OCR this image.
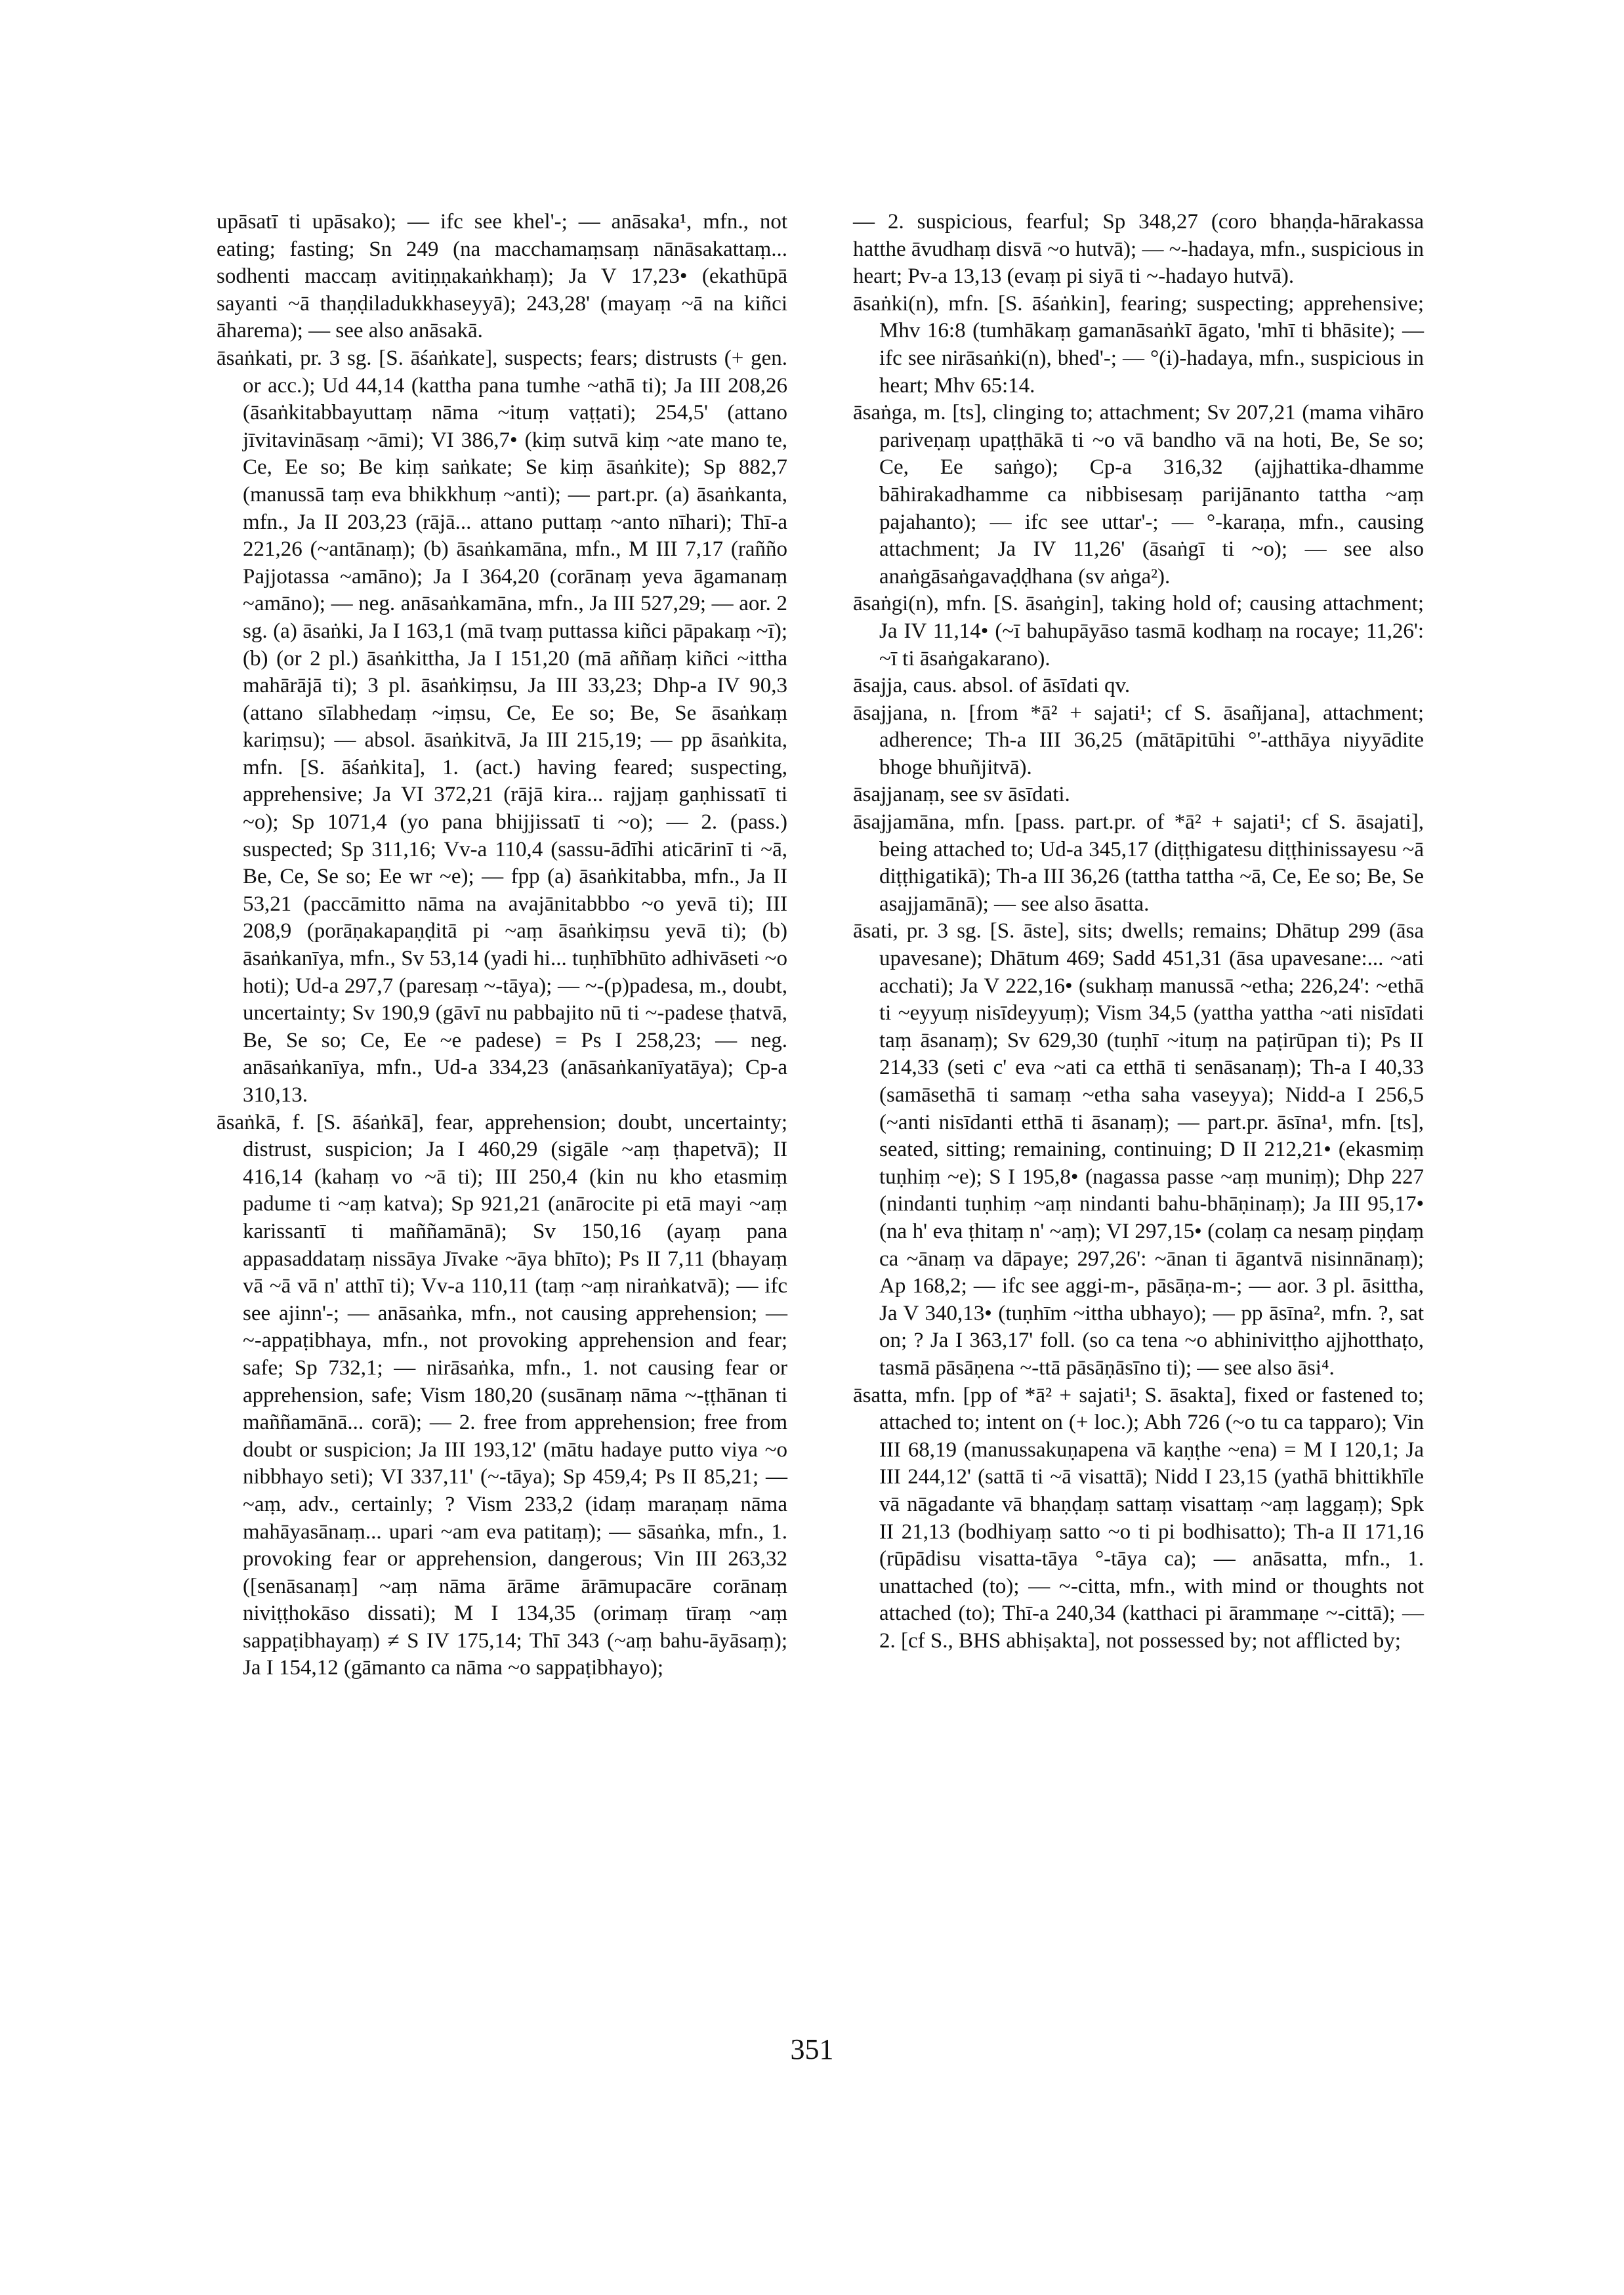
upāsatī ti upāsako); — ifc see khel'-; — anāsaka¹, mfn., not eating; fasting; Sn 249 (na macchamaṃsaṃ nānāsakattaṃ... sodhenti maccaṃ avitiṇṇakaṅkhaṃ); Ja V 17,23• (ekathūpā sayanti ~ā thaṇḍiladukkhaseyyā); 243,28' (mayaṃ ~ā na kiñci āharema); — see also anāsakā.

āsaṅkati, pr. 3 sg. [S. āśaṅkate], suspects; fears; distrusts (+ gen. or acc.); Ud 44,14 (kattha pana tumhe ~athā ti); Ja III 208,26 (āsaṅkitabbayuttaṃ nāma ~ituṃ vaṭṭati); 254,5' (attano jīvitavināsaṃ ~āmi); VI 386,7• (kiṃ sutvā kiṃ ~ate mano te, Ce, Ee so; Be kiṃ saṅkate; Se kiṃ āsaṅkite); Sp 882,7 (manussā taṃ eva bhikkhuṃ ~anti); — part.pr. (a) āsaṅkanta, mfn., Ja II 203,23 (rājā... attano puttaṃ ~anto nīhari); Thī-a 221,26 (~antānaṃ); (b) āsaṅkamāna, mfn., M III 7,17 (rañño Pajjotassa ~amāno); Ja I 364,20 (corānaṃ yeva āgamanaṃ ~amāno); — neg. anāsaṅkamāna, mfn., Ja III 527,29; — aor. 2 sg. (a) āsaṅki, Ja I 163,1 (mā tvaṃ puttassa kiñci pāpakaṃ ~ī); (b) (or 2 pl.) āsaṅkittha, Ja I 151,20 (mā aññaṃ kiñci ~ittha mahārājā ti); 3 pl. āsaṅkiṃsu, Ja III 33,23; Dhp-a IV 90,3 (attano sīlabhedaṃ ~iṃsu, Ce, Ee so; Be, Se āsaṅkaṃ kariṃsu); — absol. āsaṅkitvā, Ja III 215,19; — pp āsaṅkita, mfn. [S. āśaṅkita], 1. (act.) having feared; suspecting, apprehensive; Ja VI 372,21 (rājā kira... rajjaṃ gaṇhissatī ti ~o); Sp 1071,4 (yo pana bhijjissatī ti ~o); — 2. (pass.) suspected; Sp 311,16; Vv-a 110,4 (sassu-ādīhi aticārinī ti ~ā, Be, Ce, Se so; Ee wr ~e); — fpp (a) āsaṅkitabba, mfn., Ja II 53,21 (paccāmitto nāma na avajānitabbbo ~o yevā ti); III 208,9 (porāṇakapaṇḍitā pi ~aṃ āsaṅkiṃsu yevā ti); (b) āsaṅkanīya, mfn., Sv 53,14 (yadi hi... tuṇhībhūto adhivāseti ~o hoti); Ud-a 297,7 (paresaṃ ~-tāya); — ~-(p)padesa, m., doubt, uncertainty; Sv 190,9 (gāvī nu pabbajito nū ti ~-padese ṭhatvā, Be, Se so; Ce, Ee ~e padese) = Ps I 258,23; — neg. anāsaṅkanīya, mfn., Ud-a 334,23 (anāsaṅkanīyatāya); Cp-a 310,13.

āsaṅkā, f. [S. āśaṅkā], fear, apprehension; doubt, uncertainty; distrust, suspicion; Ja I 460,29 (sigāle ~aṃ ṭhapetvā); II 416,14 (kahaṃ vo ~ā ti); III 250,4 (kin nu kho etasmiṃ padume ti ~aṃ katva); Sp 921,21 (anārocite pi etā mayi ~aṃ karissantī ti maññamānā); Sv 150,16 (ayaṃ pana appasaddataṃ nissāya Jīvake ~āya bhīto); Ps II 7,11 (bhayaṃ vā ~ā vā n' atthī ti); Vv-a 110,11 (taṃ ~aṃ niraṅkatvā); — ifc see ajinn'-; — anāsaṅka, mfn., not causing apprehension; — ~-appaṭibhaya, mfn., not provoking apprehension and fear; safe; Sp 732,1; — nirāsaṅka, mfn., 1. not causing fear or apprehension, safe; Vism 180,20 (susānaṃ nāma ~-ṭṭhānan ti maññamānā... corā); — 2. free from apprehension; free from doubt or suspicion; Ja III 193,12' (mātu hadaye putto viya ~o nibbhayo seti); VI 337,11' (~-tāya); Sp 459,4; Ps II 85,21; — ~aṃ, adv., certainly; ? Vism 233,2 (idaṃ maraṇaṃ nāma mahāyasānaṃ... upari ~am eva patitaṃ); — sāsaṅka, mfn., 1. provoking fear or apprehension, dangerous; Vin III 263,32 ([senāsanaṃ] ~aṃ nāma ārāme ārāmupacāre corānaṃ niviṭṭhokāso dissati); M I 134,35 (orimaṃ tīraṃ ~aṃ sappaṭibhayaṃ) ≠ S IV 175,14; Thī 343 (~aṃ bahu-āyāsaṃ); Ja I 154,12 (gāmanto ca nāma ~o sappaṭibhayo);

— 2. suspicious, fearful; Sp 348,27 (coro bhaṇḍa-hārakassa hatthe āvudhaṃ disvā ~o hutvā); — ~-hadaya, mfn., suspicious in heart; Pv-a 13,13 (evaṃ pi siyā ti ~-hadayo hutvā).

āsaṅki(n), mfn. [S. āśaṅkin], fearing; suspecting; apprehensive; Mhv 16:8 (tumhākaṃ gamanāsaṅkī āgato, 'mhī ti bhāsite); — ifc see nirāsaṅki(n), bhed'-; — °(i)-hadaya, mfn., suspicious in heart; Mhv 65:14.

āsaṅga, m. [ts], clinging to; attachment; Sv 207,21 (mama vihāro pariveṇaṃ upaṭṭhākā ti ~o vā bandho vā na hoti, Be, Se so; Ce, Ee saṅgo); Cp-a 316,32 (ajjhattika-dhamme bāhirakadhamme ca nibbisesaṃ parijānanto tattha ~aṃ pajahanto); — ifc see uttar'-; — °-karaṇa, mfn., causing attachment; Ja IV 11,26' (āsaṅgī ti ~o); — see also anaṅgāsaṅgavaḍḍhana (sv aṅga²).

āsaṅgi(n), mfn. [S. āsaṅgin], taking hold of; causing attachment; Ja IV 11,14• (~ī bahupāyāso tasmā kodhaṃ na rocaye; 11,26': ~ī ti āsaṅgakarano).

āsajja, caus. absol. of āsīdati qv.

āsajjana, n. [from *ā² + sajati¹; cf S. āsañjana], attachment; adherence; Th-a III 36,25 (mātāpitūhi °'-atthāya niyyādite bhoge bhuñjitvā).

āsajjanaṃ, see sv āsīdati.

āsajjamāna, mfn. [pass. part.pr. of *ā² + sajati¹; cf S. āsajati], being attached to; Ud-a 345,17 (diṭṭhigatesu diṭṭhinissayesu ~ā diṭṭhigatikā); Th-a III 36,26 (tattha tattha ~ā, Ce, Ee so; Be, Se asajjamānā); — see also āsatta.

āsati, pr. 3 sg. [S. āste], sits; dwells; remains; Dhātup 299 (āsa upavesane); Dhātum 469; Sadd 451,31 (āsa upavesane:... ~ati acchati); Ja V 222,16• (sukhaṃ manussā ~etha; 226,24': ~ethā ti ~eyyuṃ nisīdeyyuṃ); Vism 34,5 (yattha yattha ~ati nisīdati taṃ āsanaṃ); Sv 629,30 (tuṇhī ~ituṃ na paṭirūpan ti); Ps II 214,33 (seti c' eva ~ati ca etthā ti senāsanaṃ); Th-a I 40,33 (samāsethā ti samaṃ ~etha saha vaseyya); Nidd-a I 256,5 (~anti nisīdanti etthā ti āsanaṃ); — part.pr. āsīna¹, mfn. [ts], seated, sitting; remaining, continuing; D II 212,21• (ekasmiṃ tuṇhiṃ ~e); S I 195,8• (nagassa passe ~aṃ muniṃ); Dhp 227 (nindanti tuṇhiṃ ~aṃ nindanti bahu-bhāṇinaṃ); Ja III 95,17• (na h' eva ṭhitaṃ n' ~aṃ); VI 297,15• (colaṃ ca nesaṃ piṇḍaṃ ca ~ānaṃ va dāpaye; 297,26': ~ānan ti āgantvā nisinnānaṃ); Ap 168,2; — ifc see aggi-m-, pāsāṇa-m-; — aor. 3 pl. āsittha, Ja V 340,13• (tuṇhīm ~ittha ubhayo); — pp āsīna², mfn. ?, sat on; ? Ja I 363,17' foll. (so ca tena ~o abhinivitṭho ajjhotthaṭo, tasmā pāsāṇena ~-ttā pāsāṇāsīno ti); — see also āsi⁴.

āsatta, mfn. [pp of *ā² + sajati¹; S. āsakta], fixed or fastened to; attached to; intent on (+ loc.); Abh 726 (~o tu ca tapparo); Vin III 68,19 (manussakuṇapena vā kaṇṭhe ~ena) = M I 120,1; Ja III 244,12' (sattā ti ~ā visattā); Nidd I 23,15 (yathā bhittikhīle vā nāgadante vā bhaṇḍaṃ sattaṃ visattaṃ ~aṃ laggaṃ); Spk II 21,13 (bodhiyaṃ satto ~o ti pi bodhisatto); Th-a II 171,16 (rūpādisu visatta-tāya °-tāya ca); — anāsatta, mfn., 1. unattached (to); — ~-citta, mfn., with mind or thoughts not attached (to); Thī-a 240,34 (katthaci pi ārammaṇe ~-cittā); — 2. [cf S., BHS abhiṣakta], not possessed by; not afflicted by;

351
